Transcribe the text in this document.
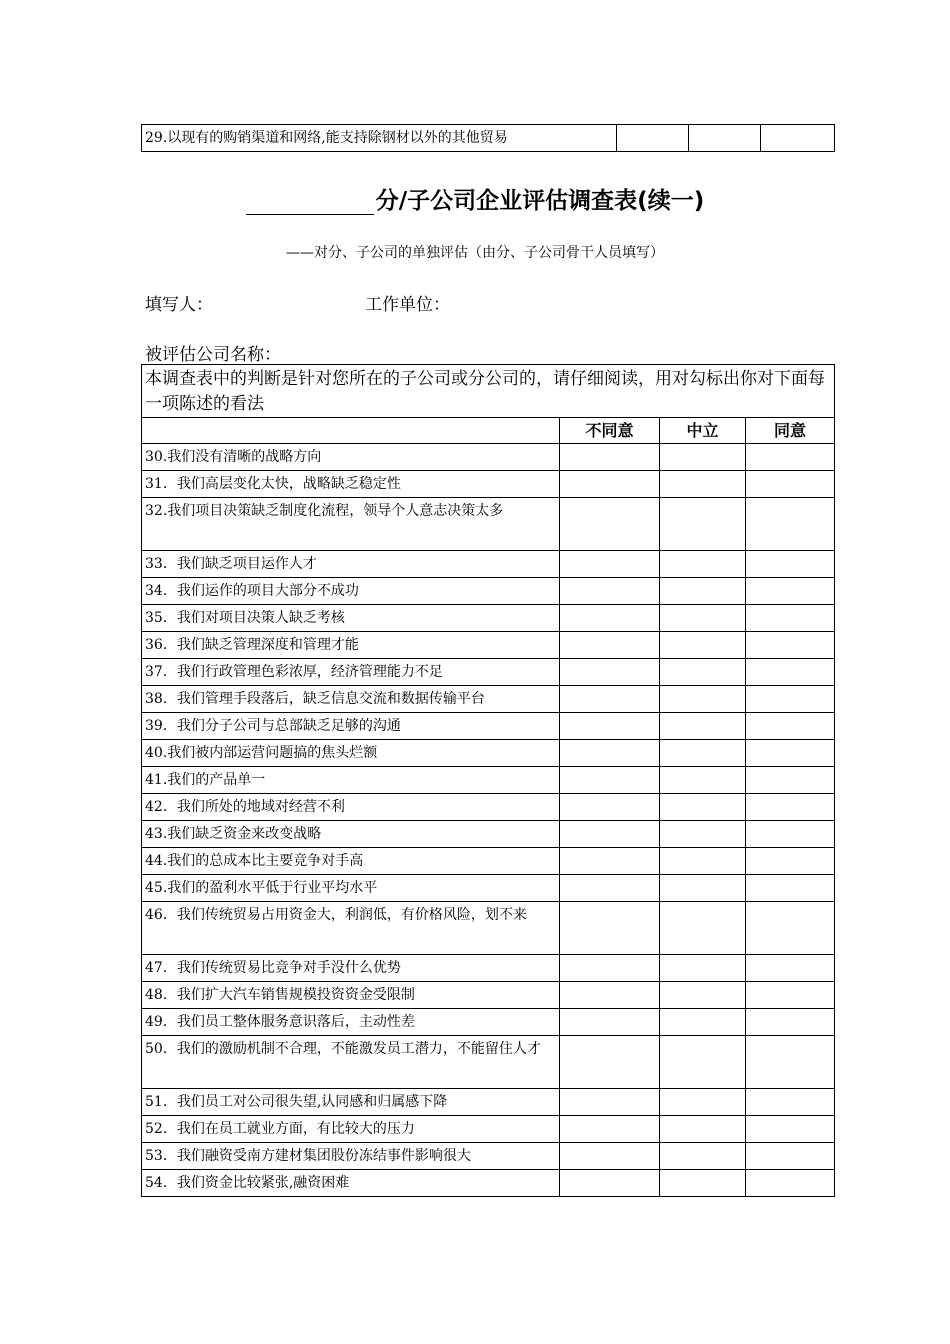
29.以现有的购销渠道和网络,能支持除钢材以外的其他贸易			
分/子公司企业评估调查表(续一)
——对分、子公司的单独评估（由分、子公司骨干人员填写）
填写人：	工作单位：
被评估公司名称：
本调查表中的判断是针对您所在的子公司或分公司的，请仔细阅读，用对勾标出你对下面每一项陈述的看法			
	不同意	中立	同意
30.我们没有清晰的战略方向			
31．我们高层变化太快，战略缺乏稳定性			
32.我们项目决策缺乏制度化流程，领导个人意志决策太多			
33．我们缺乏项目运作人才			
34．我们运作的项目大部分不成功			
35．我们对项目决策人缺乏考核			
36．我们缺乏管理深度和管理才能			
37．我们行政管理色彩浓厚，经济管理能力不足			
38．我们管理手段落后，缺乏信息交流和数据传输平台			
39．我们分子公司与总部缺乏足够的沟通			
40.我们被内部运营问题搞的焦头烂额			
41.我们的产品单一			
42．我们所处的地域对经营不利			
43.我们缺乏资金来改变战略			
44.我们的总成本比主要竞争对手高			
45.我们的盈利水平低于行业平均水平			
46．我们传统贸易占用资金大，利润低，有价格风险，划不来			
47．我们传统贸易比竞争对手没什么优势			
48．我们扩大汽车销售规模投资资金受限制			
49．我们员工整体服务意识落后，主动性差			
50．我们的激励机制不合理，不能激发员工潜力，不能留住人才			
51．我们员工对公司很失望,认同感和归属感下降			
52．我们在员工就业方面，有比较大的压力			
53．我们融资受南方建材集团股份冻结事件影响很大			
54．我们资金比较紧张,融资困难			
